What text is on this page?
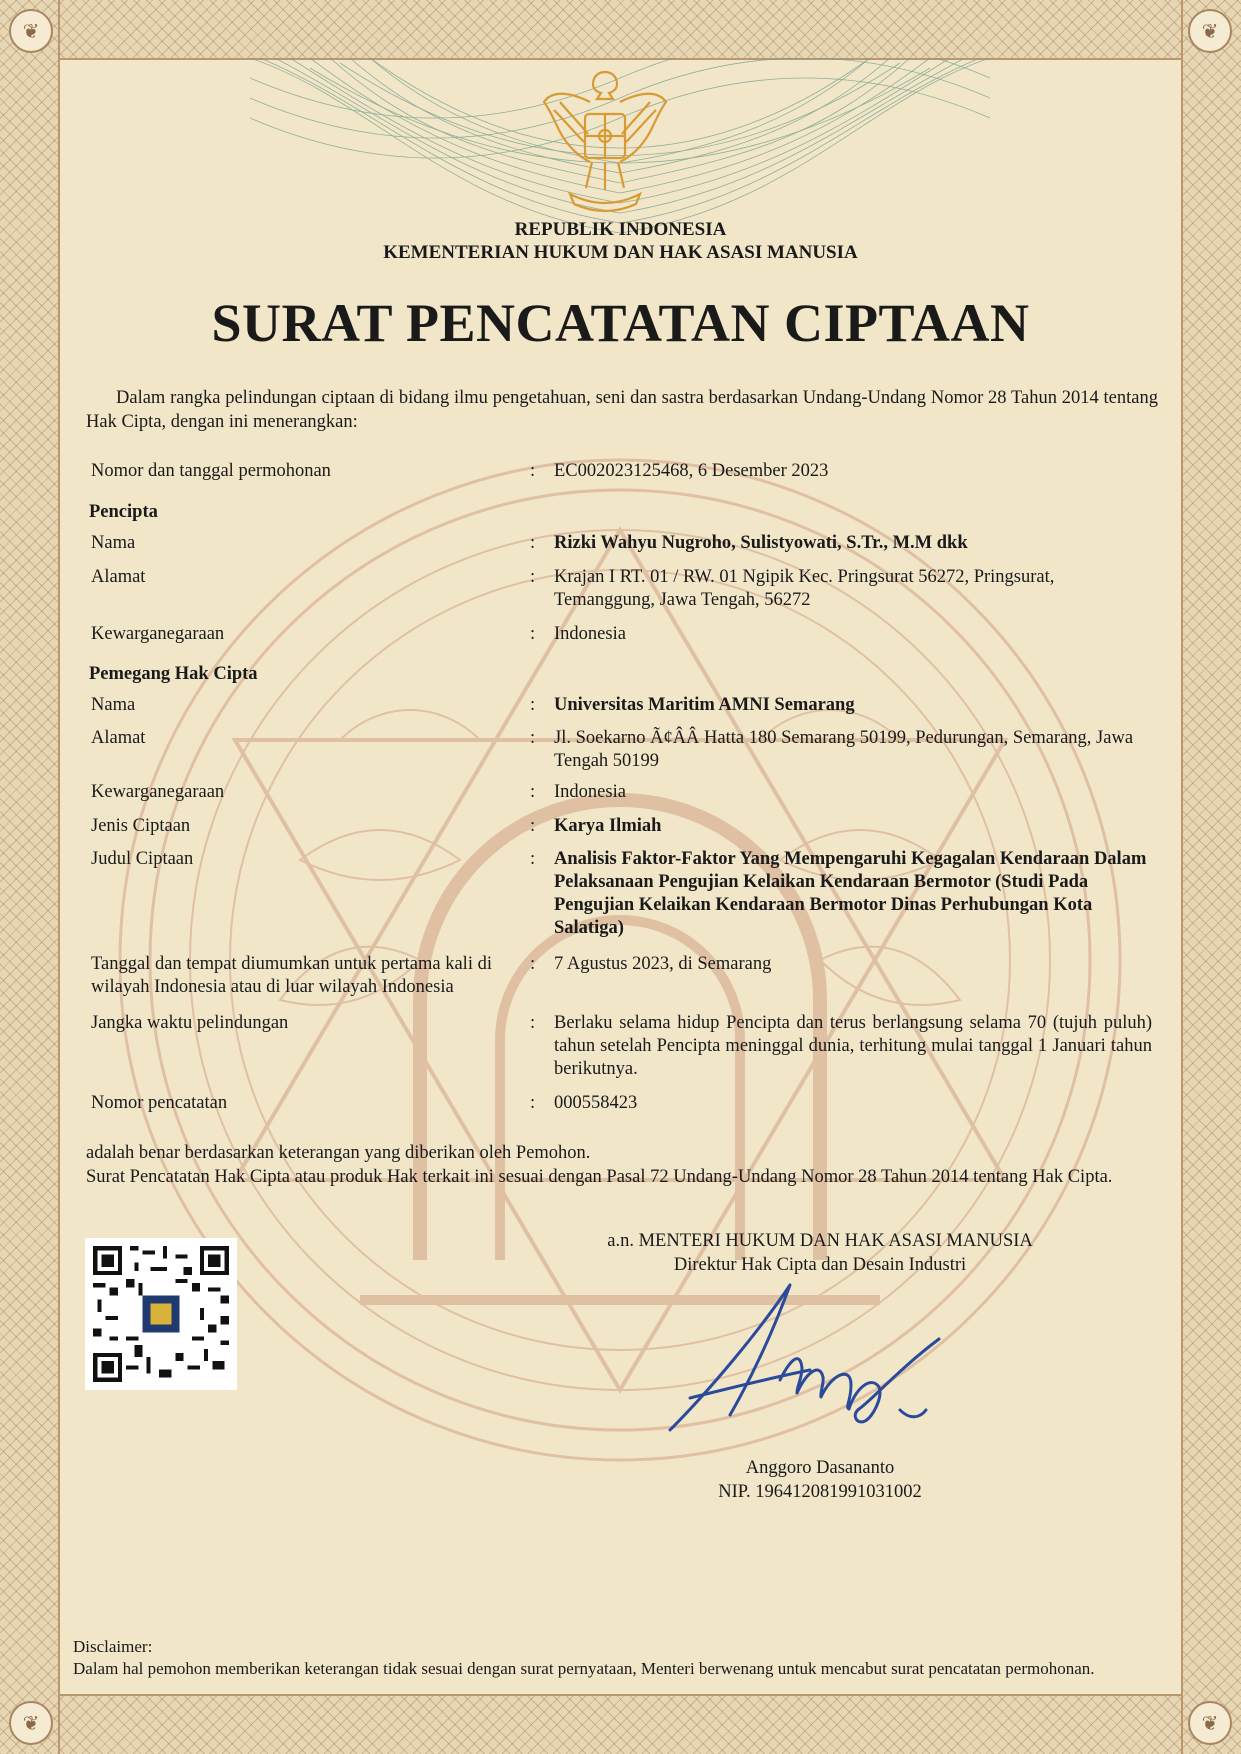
❦	❦
❦	❦
REPUBLIK INDONESIA
KEMENTERIAN HUKUM DAN HAK ASASI MANUSIA
SURAT PENCATATAN CIPTAAN
Dalam rangka pelindungan ciptaan di bidang ilmu pengetahuan, seni dan sastra berdasarkan Undang-Undang Nomor 28 Tahun 2014 tentang Hak Cipta, dengan ini menerangkan:
Nomor dan tanggal permohonan	: EC002023125468, 6 Desember 2023
Pencipta
Nama	: Rizki Wahyu Nugroho, Sulistyowati, S.Tr., M.M dkk
Alamat	: Krajan I RT. 01 / RW. 01 Ngipik Kec. Pringsurat 56272, Pringsurat, Temanggung, Jawa Tengah, 56272
Kewarganegaraan	: Indonesia
Pemegang Hak Cipta
Nama	: Universitas Maritim AMNI Semarang
Alamat	: Jl. Soekarno Ã¢ÂÂ Hatta 180 Semarang 50199, Pedurungan, Semarang, Jawa Tengah 50199
Kewarganegaraan	: Indonesia
Jenis Ciptaan	: Karya Ilmiah
Judul Ciptaan	: Analisis Faktor-Faktor Yang Mempengaruhi Kegagalan Kendaraan Dalam Pelaksanaan Pengujian Kelaikan Kendaraan Bermotor (Studi Pada Pengujian Kelaikan Kendaraan Bermotor Dinas Perhubungan Kota Salatiga)
Tanggal dan tempat diumumkan untuk pertama kali di wilayah Indonesia atau di luar wilayah Indonesia
: 7 Agustus 2023, di Semarang
Jangka waktu pelindungan	: Berlaku selama hidup Pencipta dan terus berlangsung selama 70 (tujuh puluh) tahun setelah Pencipta meninggal dunia, terhitung mulai tanggal 1 Januari tahun berikutnya.
Nomor pencatatan	: 000558423
adalah benar berdasarkan keterangan yang diberikan oleh Pemohon.
Surat Pencatatan Hak Cipta atau produk Hak terkait ini sesuai dengan Pasal 72 Undang-Undang Nomor 28 Tahun 2014 tentang Hak Cipta.
a.n. MENTERI HUKUM DAN HAK ASASI MANUSIA
Direktur Hak Cipta dan Desain Industri
Anggoro Dasananto
NIP. 196412081991031002
Disclaimer:
Dalam hal pemohon memberikan keterangan tidak sesuai dengan surat pernyataan, Menteri berwenang untuk mencabut surat pencatatan permohonan.
